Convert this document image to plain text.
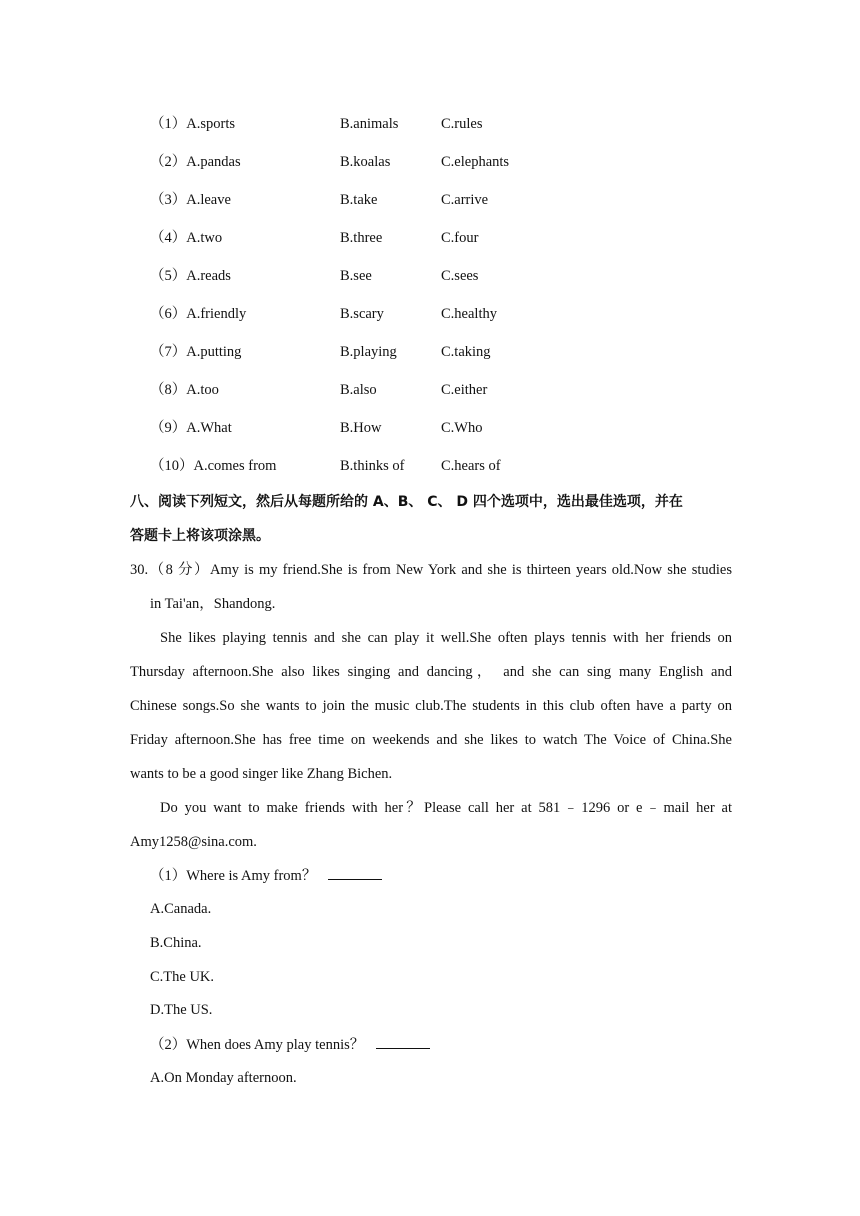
（1）A.sports	B.animals	C.rules
（2）A.pandas	B.koalas	C.elephants
（3）A.leave	B.take	C.arrive
（4）A.two	B.three	C.four
（5）A.reads	B.see	C.sees
（6）A.friendly	B.scary	C.healthy
（7）A.putting	B.playing	C.taking
（8）A.too	B.also	C.either
（9）A.What	B.How	C.Who
（10）A.comes from	B.thinks of	C.hears of
八、阅读下列短文，然后从每题所给的 A、B、 C、 D 四个选项中，选出最佳选项，并在
答题卡上将该项涂黑。
30.（8 分）Amy is my friend.She is from New York and she is thirteen years old.Now she studies
in Tai'an，Shandong.
She likes playing tennis and she can play it well.She often plays tennis with her friends on
Thursday afternoon.She also likes singing and dancing， and she can sing many English and
Chinese songs.So she wants to join the music club.The students in this club often have a party on
Friday afternoon.She has free time on weekends and she likes to watch The Voice of China.She
wants to be a good singer like Zhang Bichen.
Do you want to make friends with her？Please call her at 581﹣1296 or e﹣mail her at
Amy1258@sina.com.
（1）Where is Amy from？
A.Canada.
B.China.
C.The UK.
D.The US.
（2）When does Amy play tennis？
A.On Monday afternoon.
